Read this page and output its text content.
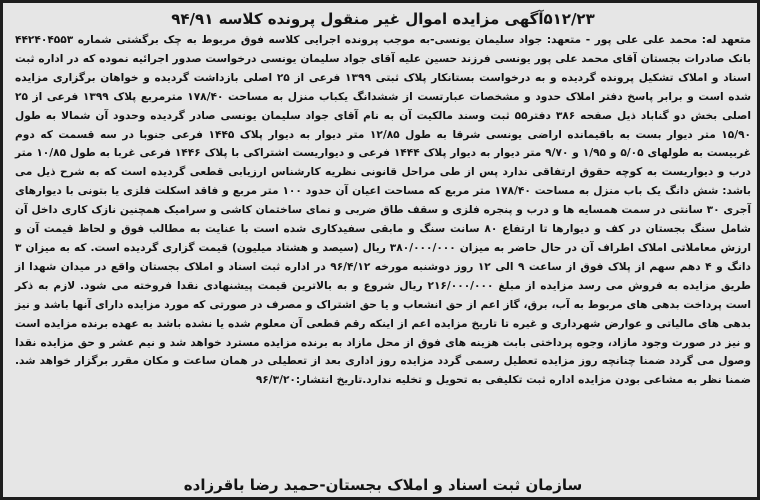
۵۱۲/۲۳آگهی مزایده اموال غیر منقول پرونده کلاسه ۹۴/۹۱

متعهد له: محمد علی علی پور - متعهد: جواد سلیمان یونسی-به موجب پرونده اجرایی کلاسه فوق مربوط به چک برگشتی شماره ۴۴۲۴۰۴۵۵۳ بانک صادرات بجستان آقای محمد علی پور یونسی فرزند حسین علیه آقای جواد سلیمان یونسی درخواست صدور اجرائیه نموده که در اداره ثبت اسناد و املاک تشکیل پرونده گردیده و به درخواست بستانکار پلاک ثبتی ۱۳۹۹ فرعی از ۲۵ اصلی بازداشت گردیده و خواهان برگزاری مزایده شده است و برابر پاسخ دفتر املاک حدود و مشخصات عبارتست از ششدانگ یکباب منزل به مساحت ۱۷۸/۴۰ مترمربع پلاک ۱۳۹۹ فرعی از ۲۵ اصلی بخش دو گناباد ذیل صفحه ۳۸۶ دفتر۵۵ ثبت وسند مالکیت آن به نام آقای جواد سلیمان یونسی صادر گردیده وحدود آن شمالا به طول ۱۵/۹۰ متر دیوار بست به باقیمانده اراضی یونسی شرقا به طول ۱۲/۸۵ متر دیوار به دیوار پلاک ۱۴۴۵ فرعی جنوبا در سه قسمت که دوم غربیست به طولهای ۵/۰۵ و ۱/۹۵ و ۹/۷۰ متر دیوار به دیوار پلاک ۱۴۴۴ فرعی و دیواریست اشتراکی با پلاک ۱۴۴۶ فرعی غربا به طول ۱۰/۸۵ متر درب و دیواریست به کوچه حقوق ارتفاقی ندارد پس از طی مراحل قانونی نظریه کارشناس ارزیابی قطعی گردیده است که به شرح ذیل می باشد: شش دانگ یک باب منزل به مساحت ۱۷۸/۴۰ متر مربع که مساحت اعیان آن حدود ۱۰۰ متر مربع و فاقد اسکلت فلزی یا بتونی با دیوارهای آجری ۳۰ سانتی در سمت همسایه ها و درب و پنجره فلزی و سقف طاق ضربی و نمای ساختمان کاشی و سرامیک همچنین نازک کاری داخل آن شامل سنگ بجستان در کف و دیوارها تا ارتفاع ۸۰ سانت سنگ و مابقی سفیدکاری شده است با عنایت به مطالب فوق و لحاظ قیمت آن و ارزش معاملاتی املاک اطراف آن در حال حاضر به میزان ۳۸۰/۰۰۰/۰۰۰ ریال (سیصد و هشتاد میلیون) قیمت گزاری گردیده است. که به میزان ۳ دانگ و ۴ دهم سهم از پلاک فوق از ساعت ۹ الی ۱۲ روز دوشنبه مورخه ۹۶/۴/۱۲ در اداره ثبت اسناد و املاک بجستان واقع در میدان شهدا از طریق مزایده به فروش می رسد مزایده از مبلغ ۲۱۶/۰۰۰/۰۰۰ ریال شروع و به بالاترین قیمت پیشنهادی نقدا فروخته می شود. لازم به ذکر است پرداخت بدهی های مربوط به آب، برق، گاز اعم از حق انشعاب و یا حق اشتراک و مصرف در صورتی که مورد مزایده دارای آنها باشد و نیز بدهی های مالیاتی و عوارض شهرداری و غیره تا تاریخ مزایده اعم از اینکه رقم قطعی آن معلوم شده یا نشده باشد به عهده برنده مزایده است و نیز در صورت وجود مازاد، وجوه پرداختی بابت هزینه های فوق از محل مازاد به برنده مزایده مسترد خواهد شد و نیم عشر و حق مزایده نقدا وصول می گردد ضمنا چنانچه روز مزایده تعطیل رسمی گردد مزایده روز اداری بعد از تعطیلی در همان ساعت و مکان مقرر برگزار خواهد شد. ضمنا نظر به مشاعی بودن مزایده اداره ثبت تکلیفی به تحویل و تخلیه ندارد.تاریخ انتشار:۹۶/۳/۲۰

سازمان ثبت اسناد و املاک بجستان-حمید رضا باقرزاده
